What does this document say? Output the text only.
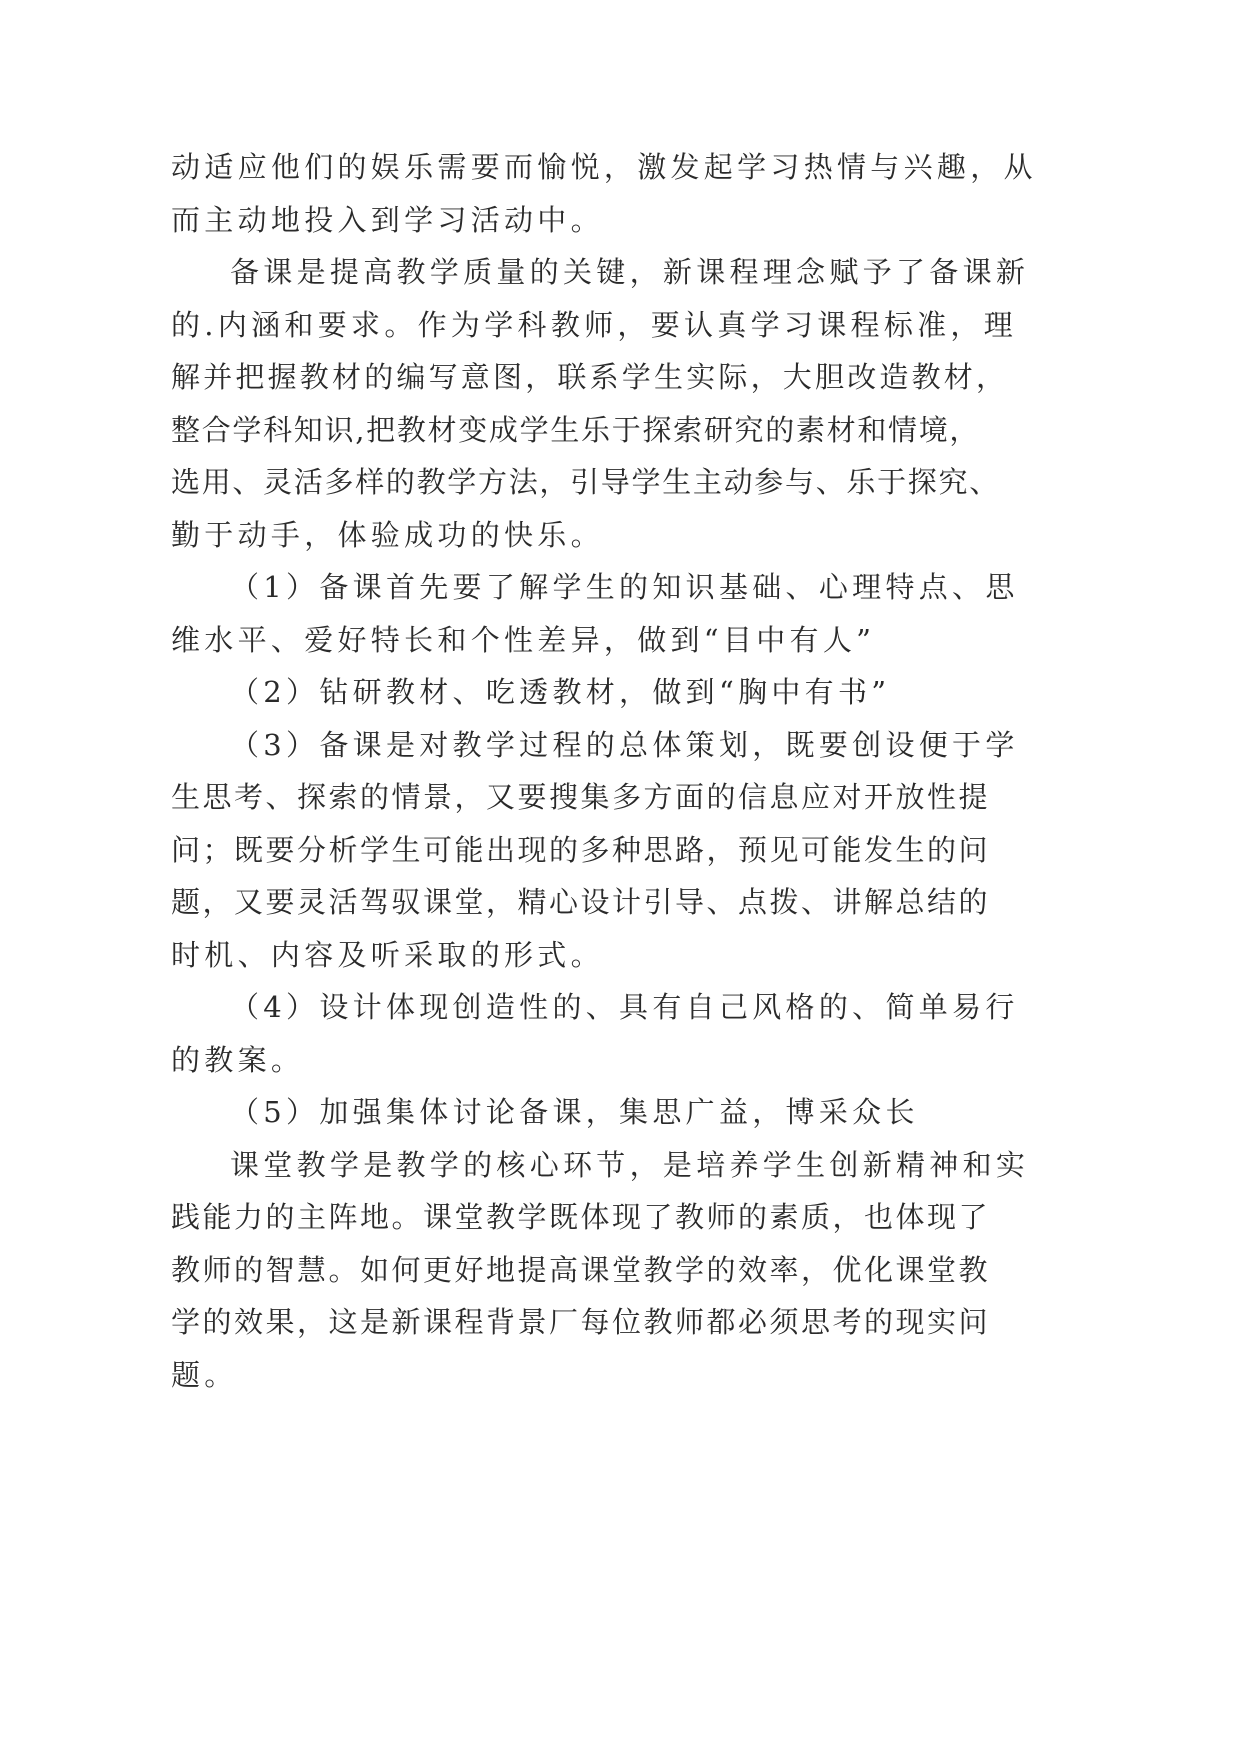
动适应他们的娱乐需要而愉悦，激发起学习热情与兴趣，从
而主动地投入到学习活动中。
备课是提高教学质量的关键，新课程理念赋予了备课新
的.内涵和要求。作为学科教师，要认真学习课程标准，理
解并把握教材的编写意图，联系学生实际，大胆改造教材，
整合学科知识,把教材变成学生乐于探索研究的素材和情境，
选用、灵活多样的教学方法，引导学生主动参与、乐于探究、
勤于动手，体验成功的快乐。
（1）备课首先要了解学生的知识基础、心理特点、思
维水平、爱好特长和个性差异，做到“目中有人”
（2）钻研教材、吃透教材，做到“胸中有书”
（3）备课是对教学过程的总体策划，既要创设便于学
生思考、探索的情景，又要搜集多方面的信息应对开放性提
问；既要分析学生可能出现的多种思路，预见可能发生的问
题，又要灵活驾驭课堂，精心设计引导、点拨、讲解总结的
时机、内容及听采取的形式。
（4）设计体现创造性的、具有自己风格的、简单易行
的教案。
（5）加强集体讨论备课，集思广益，博采众长
课堂教学是教学的核心环节，是培养学生创新精神和实
践能力的主阵地。课堂教学既体现了教师的素质，也体现了
教师的智慧。如何更好地提高课堂教学的效率，优化课堂教
学的效果，这是新课程背景厂每位教师都必须思考的现实问
题。
